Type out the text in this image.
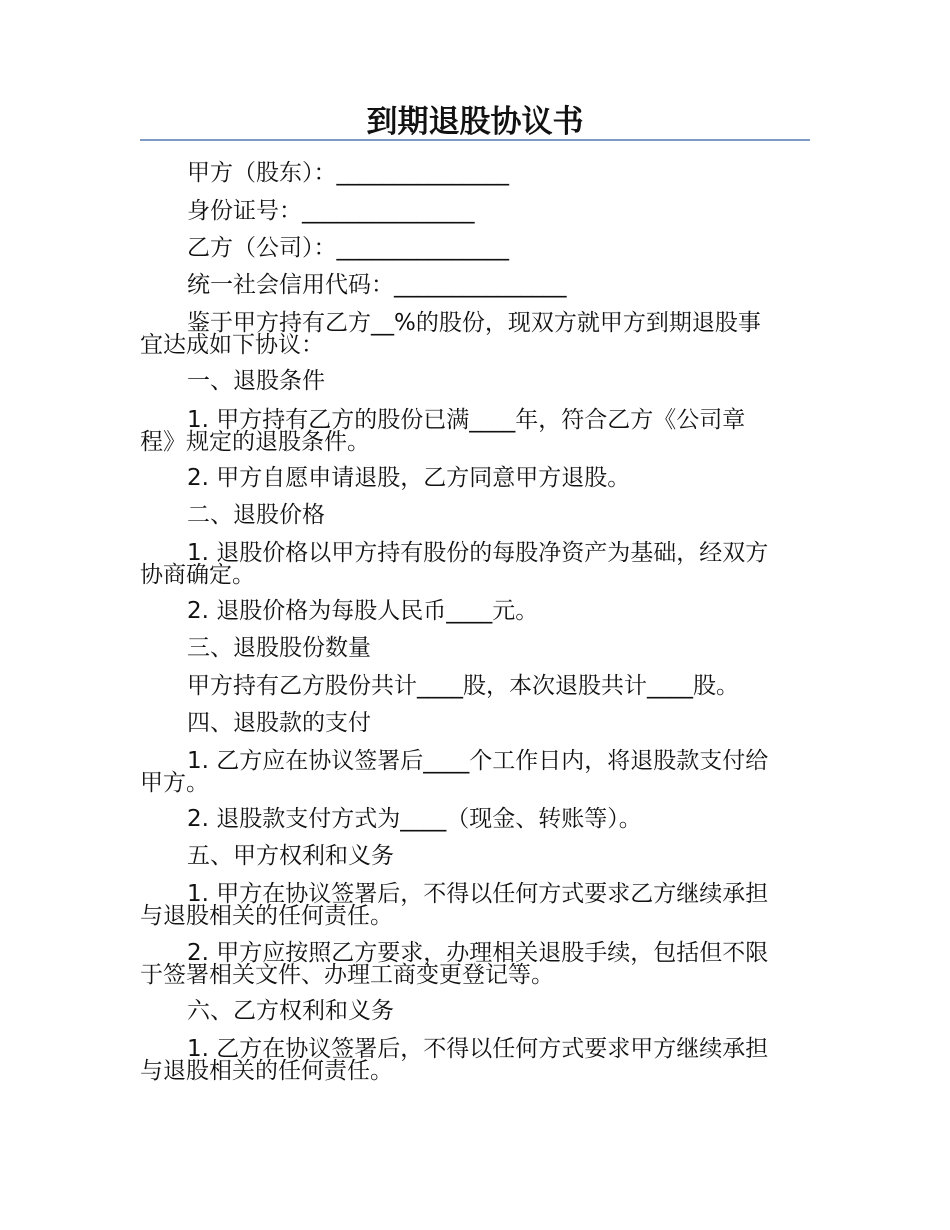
到期退股协议书
甲方（股东）：_______________
身份证号：_______________
乙方（公司）：_______________
统一社会信用代码：_______________
鉴于甲方持有乙方__%的股份，现双方就甲方到期退股事
宜达成如下协议：
一、退股条件
1. 甲方持有乙方的股份已满____年，符合乙方《公司章
程》规定的退股条件。
2. 甲方自愿申请退股，乙方同意甲方退股。
二、退股价格
1. 退股价格以甲方持有股份的每股净资产为基础，经双方
协商确定。
2. 退股价格为每股人民币____元。
三、退股股份数量
甲方持有乙方股份共计____股，本次退股共计____股。
四、退股款的支付
1. 乙方应在协议签署后____个工作日内，将退股款支付给
甲方。
2. 退股款支付方式为____（现金、转账等）。
五、甲方权利和义务
1. 甲方在协议签署后，不得以任何方式要求乙方继续承担
与退股相关的任何责任。
2. 甲方应按照乙方要求，办理相关退股手续，包括但不限
于签署相关文件、办理工商变更登记等。
六、乙方权利和义务
1. 乙方在协议签署后，不得以任何方式要求甲方继续承担
与退股相关的任何责任。
